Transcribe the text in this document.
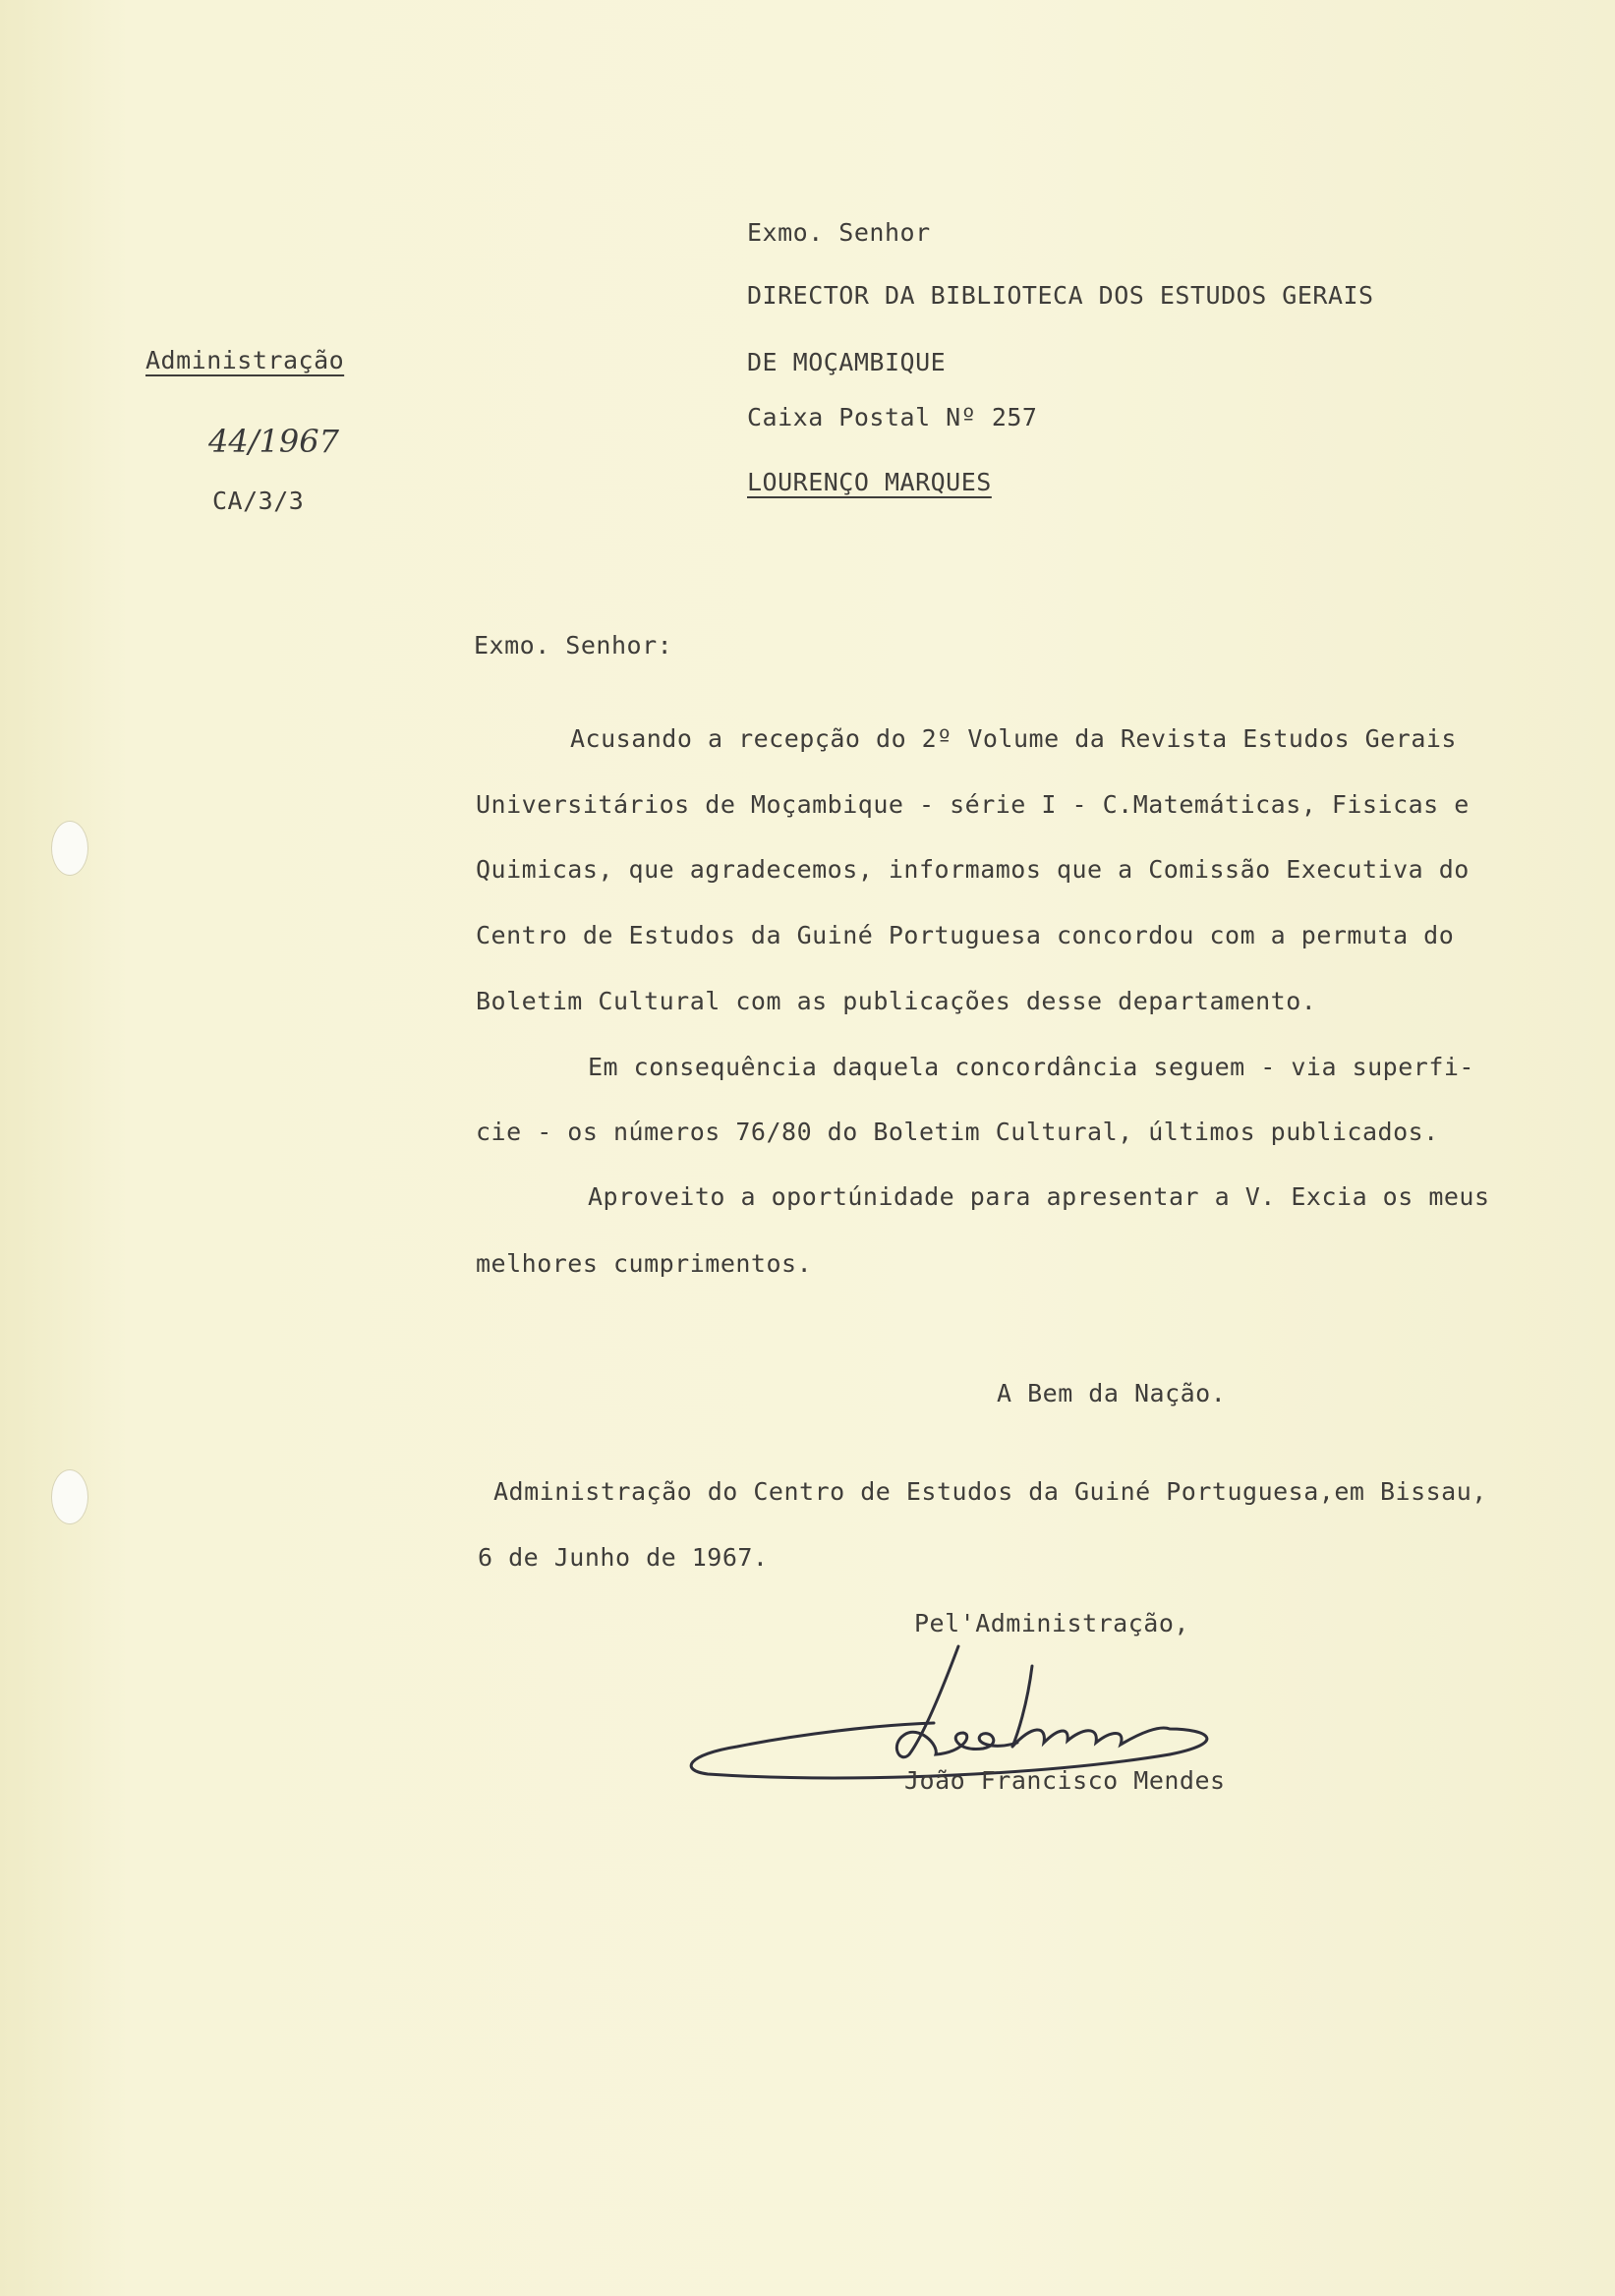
Administração
44/1967
CA/3/3
Exmo. Senhor
DIRECTOR DA BIBLIOTECA DOS ESTUDOS GERAIS
DE MOÇAMBIQUE
Caixa Postal Nº 257
LOURENÇO MARQUES
Exmo. Senhor:
Acusando a recepção do 2º Volume da Revista Estudos Gerais
Universitários de Moçambique - série I - C.Matemáticas, Fisicas e
Quimicas, que agradecemos, informamos que a Comissão Executiva do
Centro de Estudos da Guiné Portuguesa concordou com a permuta do
Boletim Cultural com as publicações desse departamento.
Em consequência daquela concordância seguem - via superfi-
cie - os números 76/80 do Boletim Cultural, últimos publicados.
Aproveito a oportúnidade para apresentar a V. Excia os meus
melhores cumprimentos.
A Bem da Nação.
Administração do Centro de Estudos da Guiné Portuguesa,em Bissau,
6 de Junho de 1967.
Pel'Administração,
João Francisco Mendes
